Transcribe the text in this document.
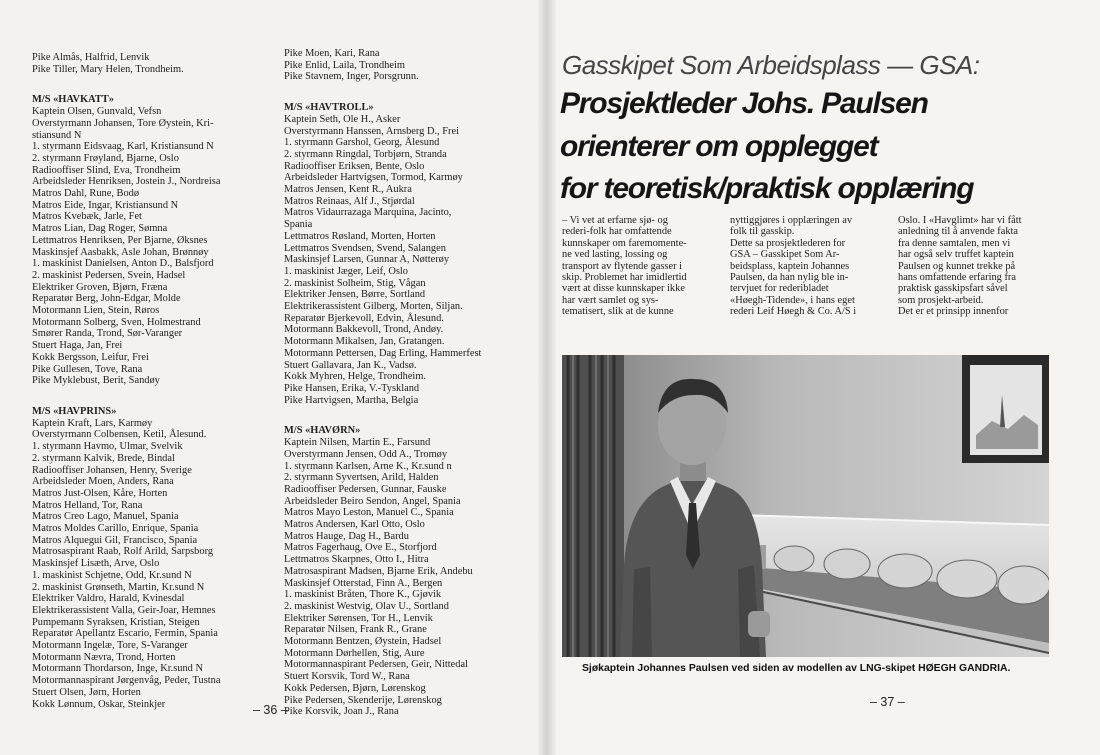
Pike Almås, Halfrid, Lenvik
Pike Tiller, Mary Helen, Trondheim.
M/S «HAVKATT»
Kaptein Olsen, Gunvald, Vefsn
Overstyrmann Johansen, Tore Øystein, Kri-
stiansund N
1. styrmann Eidsvaag, Karl, Kristiansund N
2. styrmann Frøyland, Bjarne, Oslo
Radiooffiser Slind, Eva, Trondheim
Arbeidsleder Henriksen, Jostein J., Nordreisa
Matros Dahl, Rune, Bodø
Matros Eide, Ingar, Kristiansund N
Matros Kvebæk, Jarle, Fet
Matros Lian, Dag Roger, Sømna
Lettmatros Henriksen, Per Bjarne, Øksnes
Maskinsjef Aasbakk, Asle Johan, Brønnøy
1. maskinist Danielsen, Anton D., Balsfjord
2. maskinist Pedersen, Svein, Hadsel
Elektriker Groven, Bjørn, Fræna
Reparatør Berg, John-Edgar, Molde
Motormann Lien, Stein, Røros
Motormann Solberg, Sven, Holmestrand
Smører Randa, Trond, Sør-Varanger
Stuert Haga, Jan, Frei
Kokk Bergsson, Leifur, Frei
Pike Gullesen, Tove, Rana
Pike Myklebust, Berit, Sandøy
M/S «HAVPRINS»
Kaptein Kraft, Lars, Karmøy
Overstyrmann Colbensen, Ketil, Ålesund.
1. styrmann Havmo, Ulmar, Svelvik
2. styrmann Kalvik, Brede, Bindal
Radiooffiser Johansen, Henry, Sverige
Arbeidsleder Moen, Anders, Rana
Matros Just-Olsen, Kåre, Horten
Matros Helland, Tor, Rana
Matros Creo Lago, Manuel, Spania
Matros Moldes Carillo, Enrique, Spania
Matros Alquegui Gil, Francisco, Spania
Matrosaspirant Raab, Rolf Arild, Sarpsborg
Maskinsjef Lisæth, Arve, Oslo
1. maskinist Schjetne, Odd, Kr.sund N
2. maskinist Grønseth, Martin, Kr.sund N
Elektriker Valdro, Harald, Kvinesdal
Elektrikerassistent Valla, Geir-Joar, Hemnes
Pumpemann Syraksen, Kristian, Steigen
Reparatør Apellantz Escario, Fermin, Spania
Motormann Ingelæ, Tore, S-Varanger
Motormann Nævra, Trond, Horten
Motormann Thordarson, Inge, Kr.sund N
Motormannaspirant Jørgenvåg, Peder, Tustna
Stuert Olsen, Jørn, Horten
Kokk Lønnum, Oskar, Steinkjer
Pike Moen, Kari, Rana
Pike Enlid, Laila, Trondheim
Pike Stavnem, Inger, Porsgrunn.
M/S «HAVTROLL»
Kaptein Seth, Ole H., Asker
Overstyrmann Hanssen, Arnsberg D., Frei
1. styrmann Garshol, Georg, Ålesund
2. styrmann Ringdal, Torbjørn, Stranda
Radiooffiser Eriksen, Bente, Oslo
Arbeidsleder Hartvigsen, Tormod, Karmøy
Matros Jensen, Kent R., Aukra
Matros Reinaas, Alf J., Stjørdal
Matros Vidaurrazaga Marquina, Jacinto,
Spania
Lettmatros Røsland, Morten, Horten
Lettmatros Svendsen, Svend, Salangen
Maskinsjef Larsen, Gunnar A, Nøtterøy
1. maskinist Jæger, Leif, Oslo
2. maskinist Solheim, Stig, Vågan
Elektriker Jensen, Børre, Sortland
Elektrikerassistent Gilberg, Morten, Siljan.
Reparatør Bjerkevoll, Edvin, Ålesund.
Motormann Bakkevoll, Trond, Andøy.
Motormann Mikalsen, Jan, Gratangen.
Motormann Pettersen, Dag Erling, Hammerfest
Stuert Gallavara, Jan K., Vadsø.
Kokk Myhren, Helge, Trondheim.
Pike Hansen, Erika, V.-Tyskland
Pike Hartvigsen, Martha, Belgia
M/S «HAVØRN»
Kaptein Nilsen, Martin E., Farsund
Overstyrmann Jensen, Odd A., Tromøy
1. styrmann Karlsen, Arne K., Kr.sund n
2. styrmann Syvertsen, Arild, Halden
Radiooffiser Pedersen, Gunnar, Fauske
Arbeidsleder Beiro Sendon, Angel, Spania
Matros Mayo Leston, Manuel C., Spania
Matros Andersen, Karl Otto, Oslo
Matros Hauge, Dag H., Bardu
Matros Fagerhaug, Ove E., Storfjord
Lettmatros Skarpnes, Otto I., Hitra
Matrosaspirant Madsen, Bjarne Erik, Andebu
Maskinsjef Otterstad, Finn A., Bergen
1. maskinist Bråten, Thore K., Gjøvik
2. maskinist Westvig, Olav U., Sortland
Elektriker Sørensen, Tor H., Lenvik
Reparatør Nilsen, Frank R., Grane
Motormann Bentzen, Øystein, Hadsel
Motormann Dørhellen, Stig, Aure
Motormannaspirant Pedersen, Geir, Nittedal
Stuert Korsvik, Tord W., Rana
Kokk Pedersen, Bjørn, Lørenskog
Pike Pedersen, Skenderije, Lørenskog
Pike Korsvik, Joan J., Rana
– 36 –
Gasskipet Som Arbeidsplass — GSA:
Prosjektleder Johs. Paulsen
orienterer om opplegget
for teoretisk/praktisk opplæring
– Vi vet at erfarne sjø- og
rederi-folk har omfattende
kunnskaper om faremomente-
ne ved lasting, lossing og
transport av flytende gasser i
skip. Problemet har imidlertid
vært at disse kunnskaper ikke
har vært samlet og sys-
tematisert, slik at de kunne
nyttiggjøres i opplæringen av
folk til gasskip.
Dette sa prosjektlederen for
GSA – Gasskipet Som Ar-
beidsplass, kaptein Johannes
Paulsen, da han nylig ble in-
tervjuet for rederibladet
«Høegh-Tidende», i hans eget
rederi Leif Høegh & Co. A/S i
Oslo. I «Havglimt» har vi fått
anledning til å anvende fakta
fra denne samtalen, men vi
har også selv truffet kaptein
Paulsen og kunnet trekke på
hans omfattende erfaring fra
praktisk gasskipsfart såvel
som prosjekt-arbeid.
Det er et prinsipp innenfor
Sjøkaptein Johannes Paulsen ved siden av modellen av LNG-skipet HØEGH GANDRIA.
– 37 –
